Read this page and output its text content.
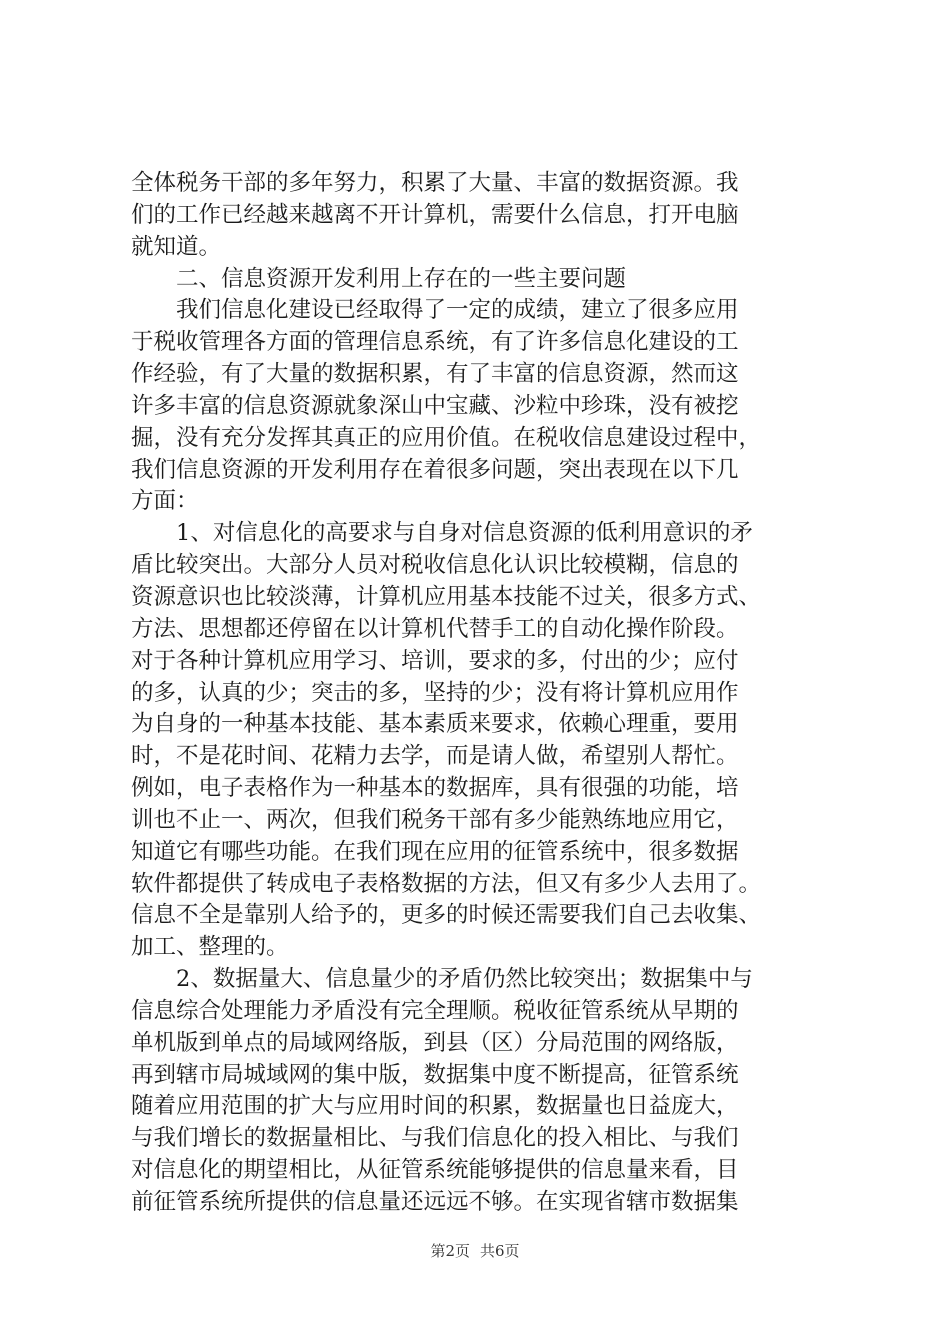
全体税务干部的多年努力，积累了大量、丰富的数据资源。我
们的工作已经越来越离不开计算机，需要什么信息，打开电脑
就知道。
二、信息资源开发利用上存在的一些主要问题
我们信息化建设已经取得了一定的成绩，建立了很多应用
于税收管理各方面的管理信息系统，有了许多信息化建设的工
作经验，有了大量的数据积累，有了丰富的信息资源，然而这
许多丰富的信息资源就象深山中宝藏、沙粒中珍珠，没有被挖
掘，没有充分发挥其真正的应用价值。在税收信息建设过程中，
我们信息资源的开发利用存在着很多问题，突出表现在以下几
方面：
1、对信息化的高要求与自身对信息资源的低利用意识的矛
盾比较突出。大部分人员对税收信息化认识比较模糊，信息的
资源意识也比较淡薄，计算机应用基本技能不过关，很多方式、
方法、思想都还停留在以计算机代替手工的自动化操作阶段。
对于各种计算机应用学习、培训，要求的多，付出的少；应付
的多，认真的少；突击的多，坚持的少；没有将计算机应用作
为自身的一种基本技能、基本素质来要求，依赖心理重，要用
时，不是花时间、花精力去学，而是请人做，希望别人帮忙。
例如，电子表格作为一种基本的数据库，具有很强的功能，培
训也不止一、两次，但我们税务干部有多少能熟练地应用它，
知道它有哪些功能。在我们现在应用的征管系统中，很多数据
软件都提供了转成电子表格数据的方法，但又有多少人去用了。
信息不全是靠别人给予的，更多的时候还需要我们自己去收集、
加工、整理的。
2、数据量大、信息量少的矛盾仍然比较突出；数据集中与
信息综合处理能力矛盾没有完全理顺。税收征管系统从早期的
单机版到单点的局域网络版，到县（区）分局范围的网络版，
再到辖市局城域网的集中版，数据集中度不断提高，征管系统
随着应用范围的扩大与应用时间的积累，数据量也日益庞大，
与我们增长的数据量相比、与我们信息化的投入相比、与我们
对信息化的期望相比，从征管系统能够提供的信息量来看，目
前征管系统所提供的信息量还远远不够。在实现省辖市数据集
第2页 共6页
